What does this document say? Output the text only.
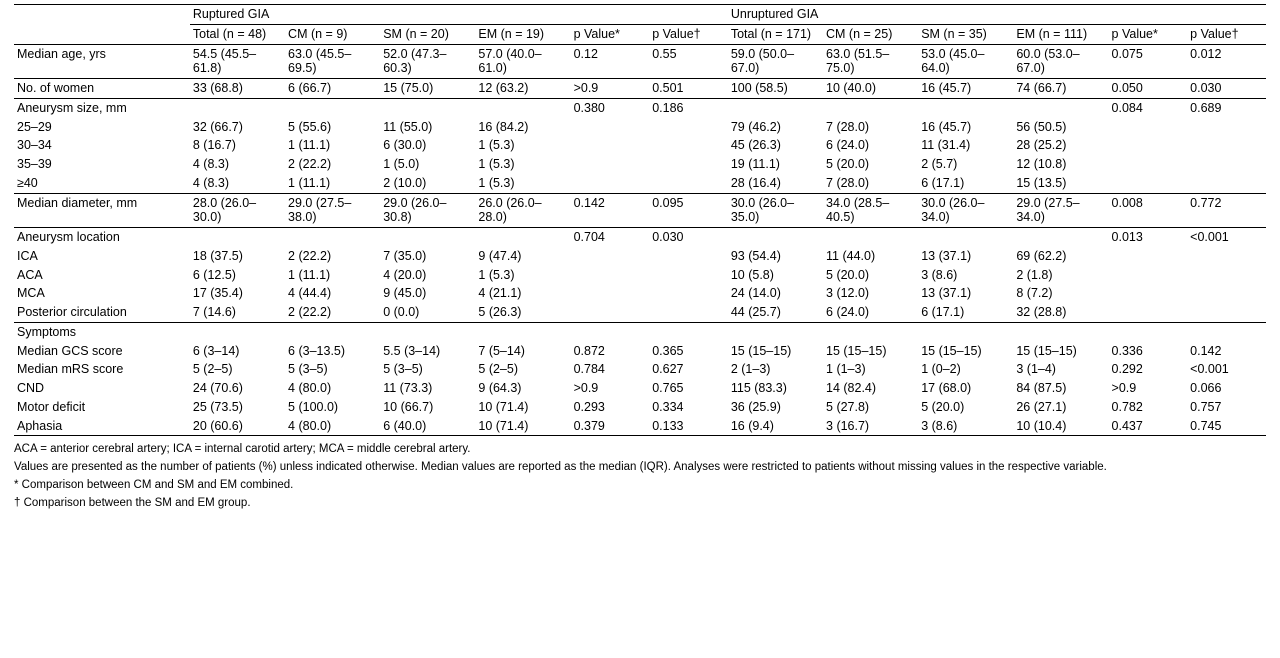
	Ruptured GIA						Unruptured GIA					
	Total (n = 48)	CM (n = 9)	SM (n = 20)	EM (n = 19)	p Value*	p Value†	Total (n = 171)	CM (n = 25)	SM (n = 35)	EM (n = 111)	p Value*	p Value†
Median age, yrs	54.5 (45.5–61.8)	63.0 (45.5–69.5)	52.0 (47.3–60.3)	57.0 (40.0–61.0)	0.12	0.55	59.0 (50.0–67.0)	63.0 (51.5–75.0)	53.0 (45.0–64.0)	60.0 (53.0–67.0)	0.075	0.012
No. of women	33 (68.8)	6 (66.7)	15 (75.0)	12 (63.2)	>0.9	0.501	100 (58.5)	10 (40.0)	16 (45.7)	74 (66.7)	0.050	0.030
Aneurysm size, mm					0.380	0.186					0.084	0.689
25–29	32 (66.7)	5 (55.6)	11 (55.0)	16 (84.2)			79 (46.2)	7 (28.0)	16 (45.7)	56 (50.5)		
30–34	8 (16.7)	1 (11.1)	6 (30.0)	1 (5.3)			45 (26.3)	6 (24.0)	11 (31.4)	28 (25.2)		
35–39	4 (8.3)	2 (22.2)	1 (5.0)	1 (5.3)			19 (11.1)	5 (20.0)	2 (5.7)	12 (10.8)		
≥40	4 (8.3)	1 (11.1)	2 (10.0)	1 (5.3)			28 (16.4)	7 (28.0)	6 (17.1)	15 (13.5)		
Median diameter, mm	28.0 (26.0–30.0)	29.0 (27.5–38.0)	29.0 (26.0–30.8)	26.0 (26.0–28.0)	0.142	0.095	30.0 (26.0–35.0)	34.0 (28.5–40.5)	30.0 (26.0–34.0)	29.0 (27.5–34.0)	0.008	0.772
Aneurysm location					0.704	0.030					0.013	<0.001
ICA	18 (37.5)	2 (22.2)	7 (35.0)	9 (47.4)			93 (54.4)	11 (44.0)	13 (37.1)	69 (62.2)		
ACA	6 (12.5)	1 (11.1)	4 (20.0)	1 (5.3)			10 (5.8)	5 (20.0)	3 (8.6)	2 (1.8)		
MCA	17 (35.4)	4 (44.4)	9 (45.0)	4 (21.1)			24 (14.0)	3 (12.0)	13 (37.1)	8 (7.2)		
Posterior circulation	7 (14.6)	2 (22.2)	0 (0.0)	5 (26.3)			44 (25.7)	6 (24.0)	6 (17.1)	32 (28.8)		
Symptoms												
Median GCS score	6 (3–14)	6 (3–13.5)	5.5 (3–14)	7 (5–14)	0.872	0.365	15 (15–15)	15 (15–15)	15 (15–15)	15 (15–15)	0.336	0.142
Median mRS score	5 (2–5)	5 (3–5)	5 (3–5)	5 (2–5)	0.784	0.627	2 (1–3)	1 (1–3)	1 (0–2)	3 (1–4)	0.292	<0.001
CND	24 (70.6)	4 (80.0)	11 (73.3)	9 (64.3)	>0.9	0.765	115 (83.3)	14 (82.4)	17 (68.0)	84 (87.5)	>0.9	0.066
Motor deficit	25 (73.5)	5 (100.0)	10 (66.7)	10 (71.4)	0.293	0.334	36 (25.9)	5 (27.8)	5 (20.0)	26 (27.1)	0.782	0.757
Aphasia	20 (60.6)	4 (80.0)	6 (40.0)	10 (71.4)	0.379	0.133	16 (9.4)	3 (16.7)	3 (8.6)	10 (10.4)	0.437	0.745
ACA = anterior cerebral artery; ICA = internal carotid artery; MCA = middle cerebral artery.
Values are presented as the number of patients (%) unless indicated otherwise. Median values are reported as the median (IQR). Analyses were restricted to patients without missing values in the respective variable.
* Comparison between CM and SM and EM combined.
† Comparison between the SM and EM group.
